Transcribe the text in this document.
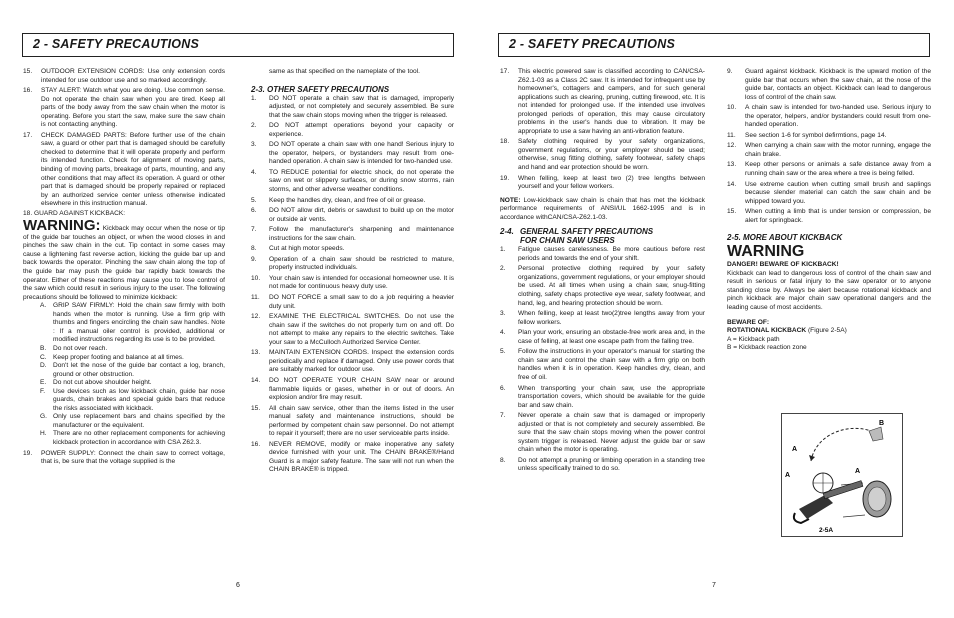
2 - SAFETY PRECAUTIONS	2 - SAFETY PRECAUTIONS
15. OUTDOOR EXTENSION CORDS: Use only extension cords intended for use outdoor use and so marked accordingly.
16. STAY ALERT: Watch what you are doing. Use common sense. Do not operate the chain saw when you are tired. Keep all parts of the body away from the saw chain when the motor is operating. Before you start the saw, make sure the saw chain is not contacting anything.
17. CHECK DAMAGED PARTS: Before further use of the chain saw, a guard or other part that is damaged should be carefully checked to determine that it will operate properly and perform its intended function. Check for alignment of moving parts, binding of moving parts, breakage of parts, mounting, and any other conditions that may affect its operation. A guard or other part that is damaged should be properly repaired or replaced by an authorized service center unless otherwise indicated elsewhere in this instruction manual.

18. GUARD AGAINST KICKBACK:

WARNING: Kickback may occur when the nose or tip of the guide bar touches an object, or when the wood closes in and pinches the saw chain in the cut. Tip contact in some cases may cause a lightening fast reverse action, kicking the guide bar up and back towards the operator. Pinching the saw chain along the top of the guide bar may push the guide bar rapidly back towards the operator. Either of these reactions may cause you to lose control of the saw which could result in serious injury to the user. The following precautions should be followed to minimize kickback:

A. GRIP SAW FIRMLY: Hold the chain saw firmly with both hands when the motor is running. Use a firm grip with thumbs and fingers encircling the chain saw handles. Note : If a manual oiler control is provided, additional or modified instructions regarding its use is to be provided.
B. Do not over reach.
C. Keep proper footing and balance at all times.
D. Don't let the nose of the guide bar contact a log, branch, ground or other obstruction.
E. Do not cut above shoulder height.
F. Use devices such as low kickback chain, guide bar nose guards, chain brakes and special guide bars that reduce the risks associated with kickback.
G. Only use replacement bars and chains specified by the manufacturer or the equivalent.
H. There are no other replacement components for achieving kickback protection in accordance with CSA Z62.3.
19. POWER SUPPLY: Connect the chain saw to correct voltage, that is, be sure that the voltage supplied is the

same as that specified on the nameplate of the tool.

2-3. OTHER SAFETY PRECAUTIONS
1. DO NOT operate a chain saw that is damaged, improperly adjusted, or not completely and securely assembled. Be sure that the saw chain stops moving when the trigger is released.
2. DO NOT attempt operations beyond your capacity or experience.
3. DO NOT operate a chain saw with one hand! Serious injury to the operator, helpers, or bystanders may result from one-handed operation. A chain saw is intended for two-handed use.
4. TO REDUCE potential for electric shock, do not operate the saw on wet or slippery surfaces, or during snow storms, rain storms, and other adverse weather conditions.
5. Keep the handles dry, clean, and free of oil or grease.
6. DO NOT allow dirt, debris or sawdust to build up on the motor or outside air vents.
7. Follow the manufacturer's sharpening and maintenance instructions for the saw chain.
8. Cut at high motor speeds.
9. Operation of a chain saw should be restricted to mature, properly instructed individuals.
10. Your chain saw is intended for occasional homeowner use. It is not made for continuous heavy duty use.
11. DO NOT FORCE a small saw to do a job requiring a heavier duty unit.
12. EXAMINE THE ELECTRICAL SWITCHES. Do not use the chain saw if the switches do not properly turn on and off. Do not attempt to make any repairs to the electric switches. Take your saw to a McCulloch Authorized Service Center.
13. MAINTAIN EXTENSION CORDS. Inspect the extension cords periodically and replace if damaged. Only use power cords that are suitably marked for outdoor use.
14. DO NOT OPERATE YOUR CHAIN SAW near or around flammable liquids or gases, whether in or out of doors. An explosion and/or fire may result.
15. All chain saw service, other than the items listed in the user manual safety and maintenance instructions, should be performed by competent chain saw personnel. Do not attempt to repair it yourself; there are no user serviceable parts inside.
16. NEVER REMOVE, modify or make inoperative any safety device furnished with your unit. The CHAIN BRAKE®/Hand Guard is a major safety feature. The saw will not run when the CHAIN BRAKE® is tripped.
6
17. This electric powered saw is classified according to CAN/CSA-Z62.1-03 as a Class 2C saw. It is intended for infrequent use by homeowner's, cottagers and campers, and for such general applications such as clearing, pruning, cutting firewood, etc. It is not intended for prolonged use. If the intended use involves prolonged periods of operation, this may cause circulatory problems in the user's hands due to vibration. It may be appropriate to use a saw having an anti-vibration feature.
18. Safety clothing required by your safety organizations, government regulations, or your employer should be used; otherwise, snug fitting clothing, safety footwear, safety chaps and hand and ear protection should be worn.
19. When felling, keep at least two (2) tree lengths between yourself and your fellow workers.

NOTE: Low-kickback saw chain is chain that has met the kickback performance requirements of ANSI/UL 1662-1995 and is in accordance withCAN/CSA-Z62.1-03.

2-4. GENERAL SAFETY PRECAUTIONS
FOR CHAIN SAW USERS
1. Fatigue causes carelessness. Be more cautious before rest periods and towards the end of your shift.
2. Personal protective clothing required by your safety organizations, government regulations, or your employer should be used. At all times when using a chain saw, snug-fitting clothing, safety chaps protective eye wear, safety footwear, and hand, leg, and hearing protection should be worn.
3. When felling, keep at least two(2)tree lengths away from your fellow workers.
4. Plan your work, ensuring an obstacle-free work area and, in the case of felling, at least one escape path from the falling tree.
5. Follow the instructions in your operator's manual for starting the chain saw and control the chain saw with a firm grip on both handles when it is in operation. Keep handles dry, clean, and free of oil.
6. When transporting your chain saw, use the appropriate transportation covers, which should be available for the guide bar and saw chain.
7. Never operate a chain saw that is damaged or improperly adjusted or that is not completely and securely assembled. Be sure that the saw chain stops moving when the power control system trigger is released. Never adjust the guide bar or saw chain when the motor is operating.
8. Do not attempt a pruning or limbing operation in a standing tree unless specifically trained to do so.
9. Guard against kickback. Kickback is the upward motion of the guide bar that occurs when the saw chain, at the nose of the guide bar, contacts an object. Kickback can lead to dangerous loss of control of the chain saw.
10. A chain saw is intended for two-handed use. Serious injury to the operator, helpers, and/or bystanders could result from one-handed operation.
11. See section 1-6 for symbol defirmtions, page 14.
12. When carrying a chain saw with the motor running, engage the chain brake.
13. Keep other persons or animals a safe distance away from a running chain saw or the area where a tree is being felled.
14. Use extreme caution when cutting small brush and saplings because slender material can catch the saw chain and be whipped toward you.
15. When cutting a limb that is under tension or compression, be alert for springback.
2-5. MORE ABOUT KICKBACK

WARNING

DANGER! BEWARE OF KICKBACK!

Kickback can lead to dangerous loss of control of the chain saw and result in serious or fatal injury to the saw operator or to anyone standing close by. Always be alert because rotational kickback and pinch kickback are major chain saw operational dangers and the leading cause of most accidents.

BEWARE OF:

ROTATIONAL KICKBACK (Figure 2-5A)

A = Kickback path

B = Kickback reaction zone

A
B
A
A
2-5A
7
